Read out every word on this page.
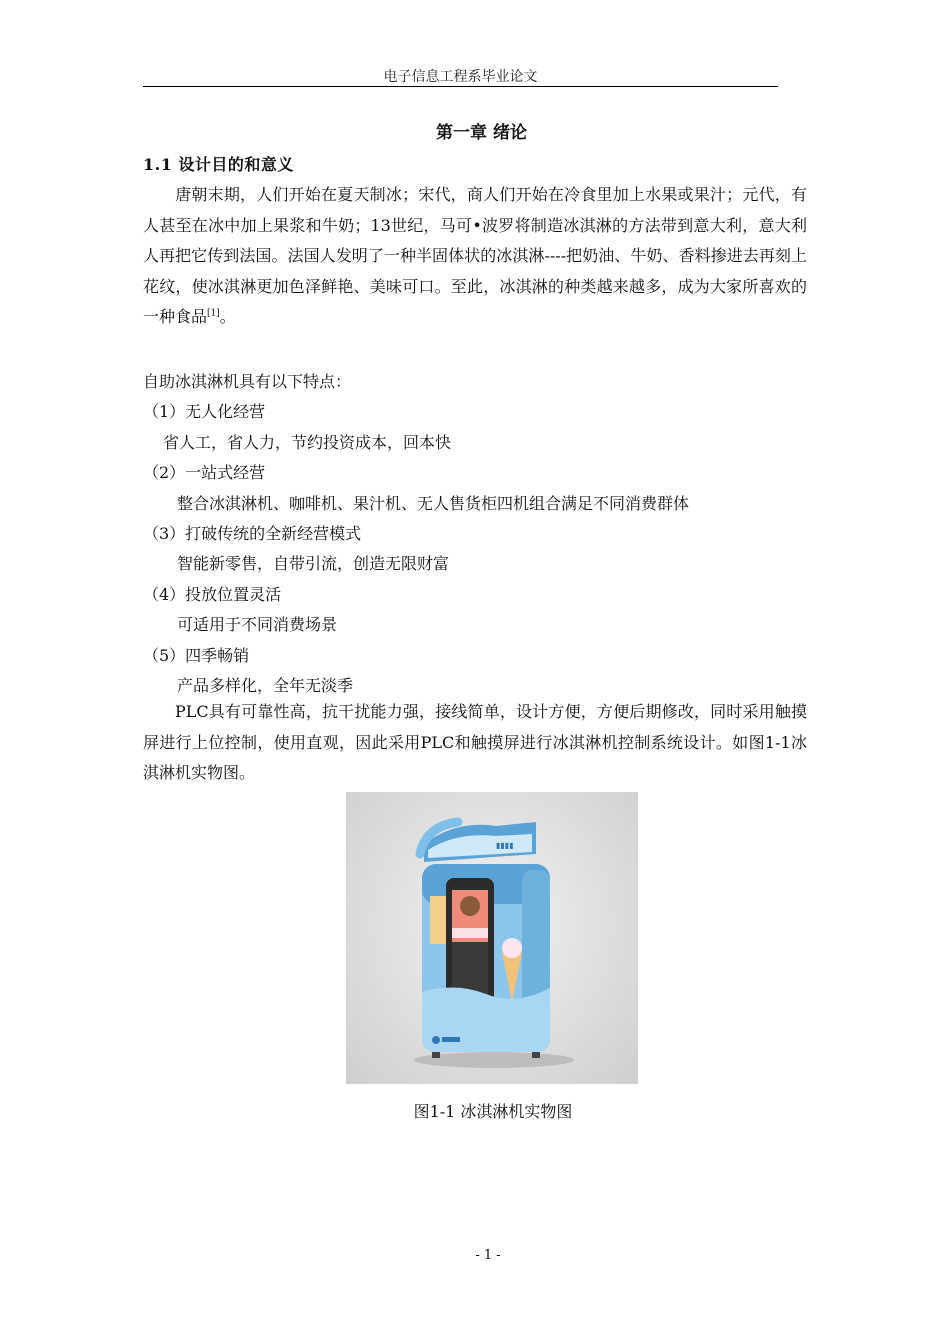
电子信息工程系毕业论文
第一章 绪论
1.1 设计目的和意义
唐朝末期，人们开始在夏天制冰；宋代，商人们开始在冷食里加上水果或果汁；元代，有人甚至在冰中加上果浆和牛奶；13世纪，马可•波罗将制造冰淇淋的方法带到意大利，意大利人再把它传到法国。法国人发明了一种半固体状的冰淇淋----把奶油、牛奶、香料掺进去再刻上花纹，使冰淇淋更加色泽鲜艳、美味可口。至此，冰淇淋的种类越来越多，成为大家所喜欢的一种食品[1]。
自助冰淇淋机具有以下特点：
（1）无人化经营
省人工，省人力，节约投资成本，回本快
（2）一站式经营
整合冰淇淋机、咖啡机、果汁机、无人售货柜四机组合满足不同消费群体
（3）打破传统的全新经营模式
智能新零售，自带引流，创造无限财富
（4）投放位置灵活
可适用于不同消费场景
（5）四季畅销
产品多样化，全年无淡季
PLC具有可靠性高，抗干扰能力强，接线简单，设计方便，方便后期修改，同时采用触摸屏进行上位控制，使用直观，因此采用PLC和触摸屏进行冰淇淋机控制系统设计。如图1-1冰淇淋机实物图。
▮▮▮▮
图1-1 冰淇淋机实物图
- 1 -
